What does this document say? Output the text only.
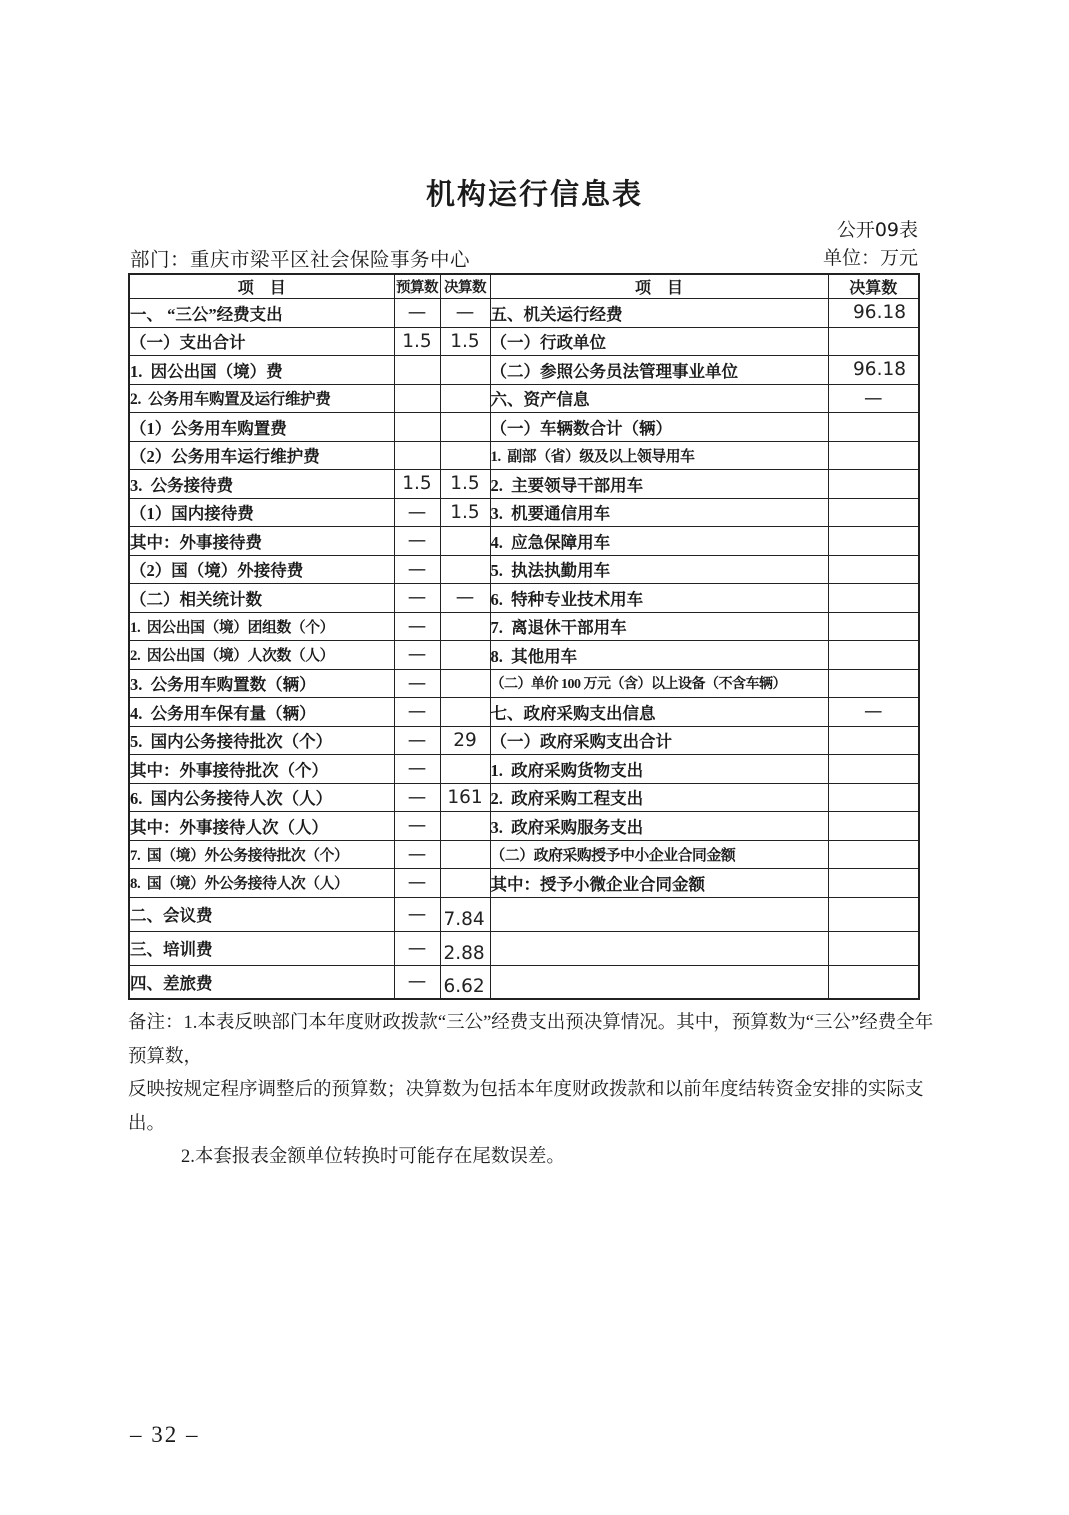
机构运行信息表
公开09表
部门：重庆市梁平区社会保险事务中心	单位：万元
项　目	预算数	决算数	项　目	决算数
一、 “三公”经费支出	—	—	五、机关运行经费	96.18
（一）支出合计	1.5	1.5	（一）行政单位	
1.  因公出国（境）费			（二）参照公务员法管理事业单位	96.18
2.  公务用车购置及运行维护费			六、资产信息	—
（1）公务用车购置费			（一）车辆数合计（辆）	
（2）公务用车运行维护费			1.  副部（省）级及以上领导用车	
3.  公务接待费	1.5	1.5	2.  主要领导干部用车	
（1）国内接待费	—	1.5	3.  机要通信用车	
其中：外事接待费	—		4.  应急保障用车	
（2）国（境）外接待费	—		5.  执法执勤用车	
（二）相关统计数	—	—	6.  特种专业技术用车	
1.  因公出国（境）团组数（个）	—		7.  离退休干部用车	
2.  因公出国（境）人次数（人）	—		8.  其他用车	
3.  公务用车购置数（辆）	—		（二）单价 100 万元（含）以上设备（不含车辆）	
4.  公务用车保有量（辆）	—		七、政府采购支出信息	—
5.  国内公务接待批次（个）	—	29	（一）政府采购支出合计	
其中：外事接待批次（个）	—		1.  政府采购货物支出	
6.  国内公务接待人次（人）	—	161	2.  政府采购工程支出	
其中：外事接待人次（人）	—		3.  政府采购服务支出	
7.  国（境）外公务接待批次（个）	—		（二）政府采购授予中小企业合同金额	
8.  国（境）外公务接待人次（人）	—		其中：授予小微企业合同金额	
二、会议费	—	7.84		
三、培训费	—	2.88		
四、差旅费	—	6.62		
备注：1.本表反映部门本年度财政拨款“三公”经费支出预决算情况。其中，预算数为“三公”经费全年预算数，
反映按规定程序调整后的预算数；决算数为包括本年度财政拨款和以前年度结转资金安排的实际支出。
2.本套报表金额单位转换时可能存在尾数误差。
– 32 –
